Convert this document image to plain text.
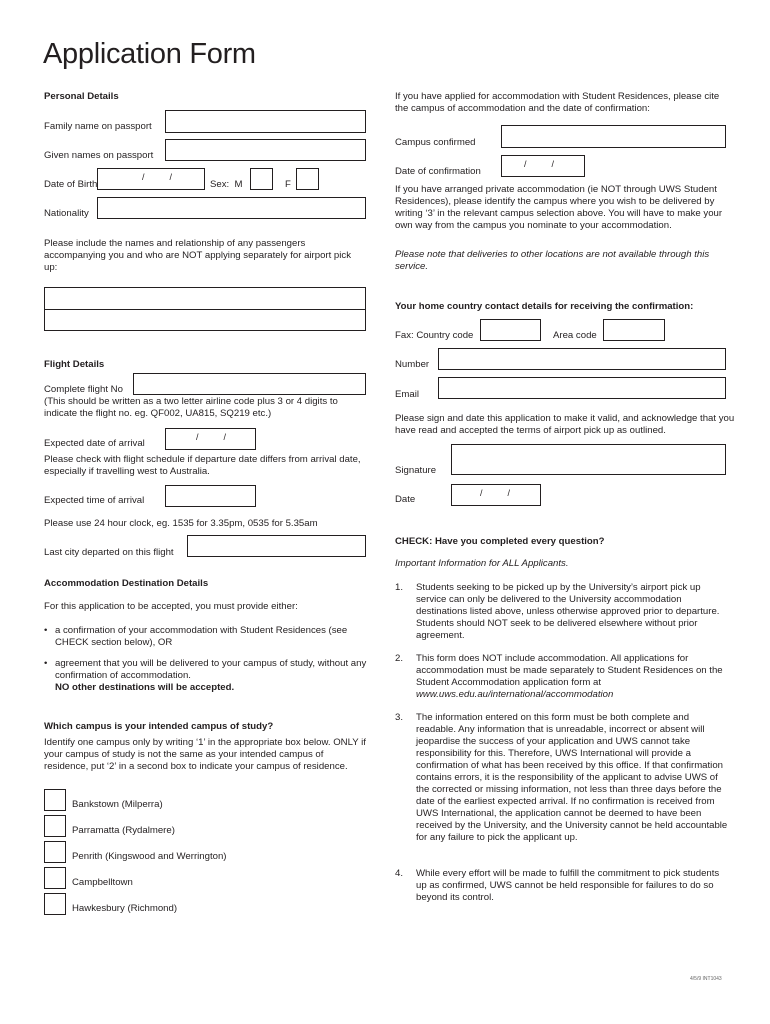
Application Form
Personal Details
Family name on passport
Given names on passport
Date of Birth
/          /
Sex:  M	F
Nationality
Please include the names and relationship of any passengers accompanying you and who are NOT applying separately for airport pick up:
Flight Details
Complete flight No
(This should be written as a two letter airline code plus 3 or 4 digits to indicate the flight no. eg. QF002, UA815, SQ219 etc.)
Expected date of arrival
/          /
Please check with flight schedule if departure date differs from arrival date, especially if travelling west to Australia.
Expected time of arrival
Please use 24 hour clock, eg. 1535 for 3.35pm, 0535 for 5.35am
Last city departed on this flight
Accommodation Destination Details
For this application to be accepted, you must provide either:
• a confirmation of your accommodation with Student Residences (see CHECK section below), OR
• agreement that you will be delivered to your campus of study, without any confirmation of accommodation.
NO other destinations will be accepted.
Which campus is your intended campus of study?
Identify one campus only by writing ‘1’ in the appropriate box below. ONLY if your campus of study is not the same as your intended campus of residence, put ‘2’ in a second box to indicate your campus of residence.
Bankstown (Milperra)
Parramatta (Rydalmere)
Penrith (Kingswood and Werrington)
Campbelltown
Hawkesbury (Richmond)
If you have applied for accommodation with Student Residences, please cite the campus of accommodation and the date of confirmation:
Campus confirmed
Date of confirmation
/          /
If you have arranged private accommodation (ie NOT through UWS Student Residences), please identify the campus where you wish to be delivered by writing ‘3’ in the relevant campus selection above. You will have to make your own way from the campus you nominate to your accommodation.
Please note that deliveries to other locations are not available through this service.
Your home country contact details for receiving the confirmation:
Fax: Country code	Area code
Number
Email
Please sign and date this application to make it valid, and acknowledge that you have read and accepted the terms of airport pick up as outlined.
Signature
Date
/          /
CHECK: Have you completed every question?
Important Information for ALL Applicants.
1. Students seeking to be picked up by the University’s airport pick up service can only be delivered to the University accommodation destinations listed above, unless otherwise approved prior to departure. Students should NOT seek to be delivered elsewhere without prior agreement.
2. This form does NOT include accommodation. All applications for accommodation must be made separately to Student Residences on the Student Accommodation application form at
www.uws.edu.au/international/accommodation
3. The information entered on this form must be both complete and readable. Any information that is unreadable, incorrect or absent will jeopardise the success of your application and UWS cannot take responsibility for this. Therefore, UWS International will provide a confirmation of what has been received by this office. If that confirmation contains errors, it is the responsibility of the applicant to advise UWS of the corrected or missing information, not less than three days before the date of the earliest expected arrival. If no confirmation is received from UWS International, the application cannot be deemed to have been received by the University, and the University cannot be held accountable for any failure to pick the applicant up.
4. While every effort will be made to fulfill the commitment to pick students up as confirmed, UWS cannot be held responsible for failures to do so beyond its control.
4/5/9 INT1043
